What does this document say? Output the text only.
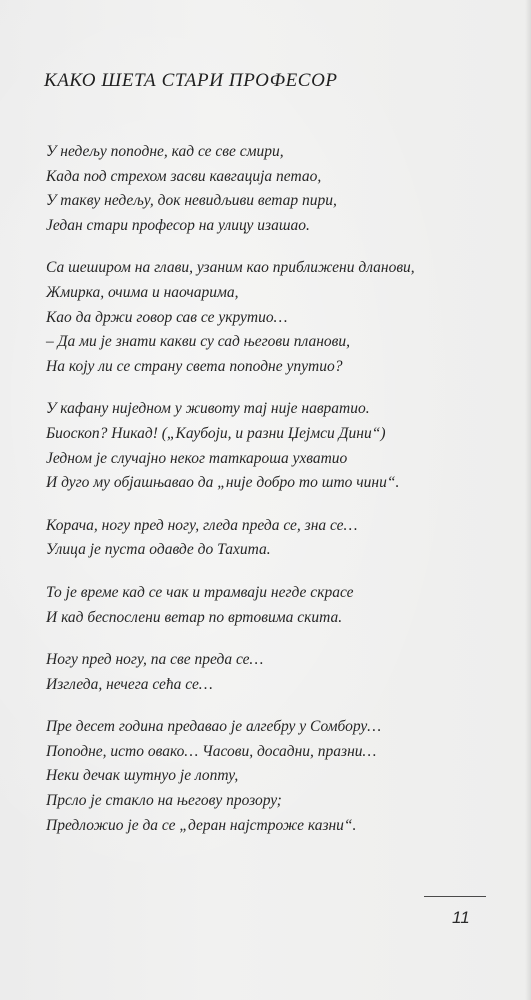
КАКО ШЕТА СТАРИ ПРОФЕСОР
У недељу поподне, кад се све смири,
Када под стрехом засви кавгација петао,
У такву недељу, док невидљиви ветар пири,
Један стари професор на улицу изашао.
Са шеширом на глави, узаним као приближени дланови,
Жмирка, очима и наочарима,
Као да држи говор сав се укрутио…
– Да ми је знати какви су сад његови планови,
На коју ли се страну света поподне упутио?
У кафану ниједном у животу тај није навратио.
Биоскоп? Никад! („Каубоји, и разни Џејмси Дини“)
Једном је случајно неког таткароша ухватио
И дуго му објашњавао да „није добро то што чини“.
Корача, ногу пред ногу, гледа преда се, зна се…
Улица је пуста одавде до Тахита.
То је време кад се чак и трамваји негде скрасе
И кад беспослени ветар по вртовима скита.
Ногу пред ногу, па све преда се…
Изгледа, нечега сећа се…
Пре десет година предавао је алгебру у Сомбору…
Поподне, исто овако… Часови, досадни, празни…
Неки дечак шутнуо је лопту,
Прсло је стакло на његову прозору;
Предложио је да се „деран најстроже казни“.
11
